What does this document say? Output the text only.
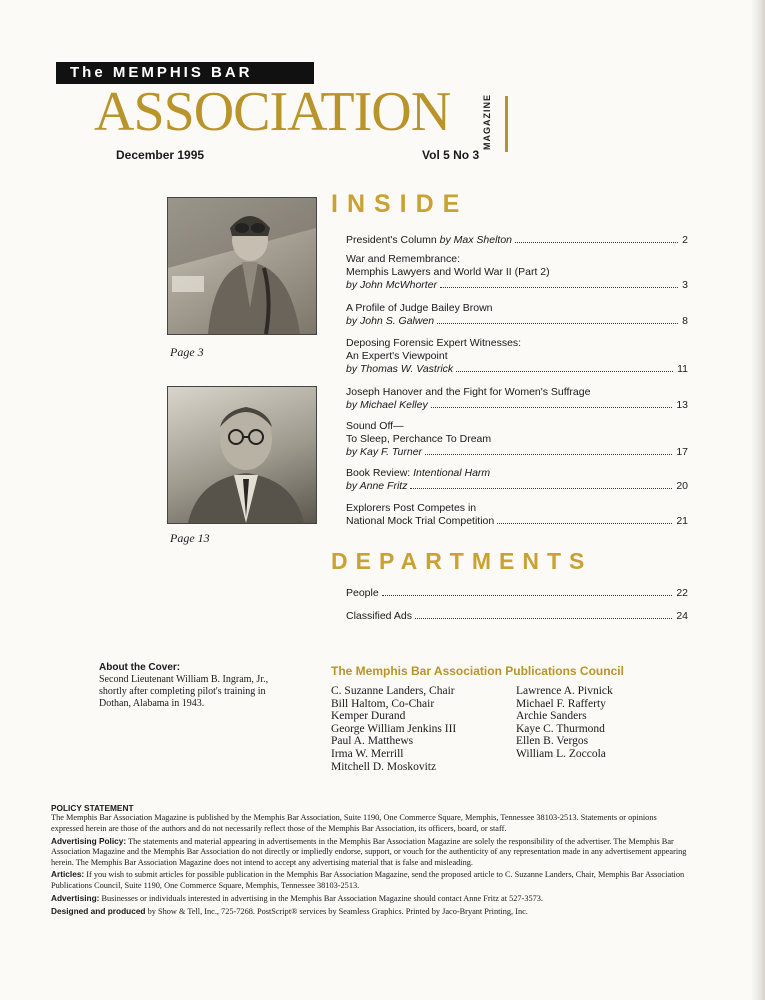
The MEMPHIS BAR
ASSOCIATION	MAGAZINE
December 1995	Vol 5 No 3
Page 3
Page 13
INSIDE
President's Column by Max Shelton	2
War and Remembrance:
Memphis Lawyers and World War II (Part 2)
by John McWhorter	3
A Profile of Judge Bailey Brown
by John S. Galwen	8
Deposing Forensic Expert Witnesses:
An Expert's Viewpoint
by Thomas W. Vastrick	11
Joseph Hanover and the Fight for Women's Suffrage
by Michael Kelley	13
Sound Off—
To Sleep, Perchance To Dream
by Kay F. Turner	17
Book Review: Intentional Harm
by Anne Fritz	20
Explorers Post Competes in
National Mock Trial Competition	21
DEPARTMENTS
People	22
Classified Ads	24
About the Cover:
Second Lieutenant William B. Ingram, Jr., shortly after completing pilot's training in Dothan, Alabama in 1943.
The Memphis Bar Association Publications Council
C. Suzanne Landers, Chair
Bill Haltom, Co-Chair
Kemper Durand
George William Jenkins III
Paul A. Matthews
Irma W. Merrill
Mitchell D. Moskovitz
Lawrence A. Pivnick
Michael F. Rafferty
Archie Sanders
Kaye C. Thurmond
Ellen B. Vergos
William L. Zoccola
POLICY STATEMENT

The Memphis Bar Association Magazine is published by the Memphis Bar Association, Suite 1190, One Commerce Square, Memphis, Tennessee 38103-2513. Statements or opinions expressed herein are those of the authors and do not necessarily reflect those of the Memphis Bar Association, its officers, board, or staff.

Advertising Policy: The statements and material appearing in advertisements in the Memphis Bar Association Magazine are solely the responsibility of the advertiser. The Memphis Bar Association Magazine and the Memphis Bar Association do not directly or impliedly endorse, support, or vouch for the authenticity of any representation made in any advertisement appearing herein. The Memphis Bar Association Magazine does not intend to accept any advertising material that is false and misleading.

Articles: If you wish to submit articles for possible publication in the Memphis Bar Association Magazine, send the proposed article to C. Suzanne Landers, Chair, Memphis Bar Association Publications Council, Suite 1190, One Commerce Square, Memphis, Tennessee 38103-2513.

Advertising: Businesses or individuals interested in advertising in the Memphis Bar Association Magazine should contact Anne Fritz at 527-3573.

Designed and produced by Show & Tell, Inc., 725-7268. PostScript® services by Seamless Graphics. Printed by Jaco-Bryant Printing, Inc.
